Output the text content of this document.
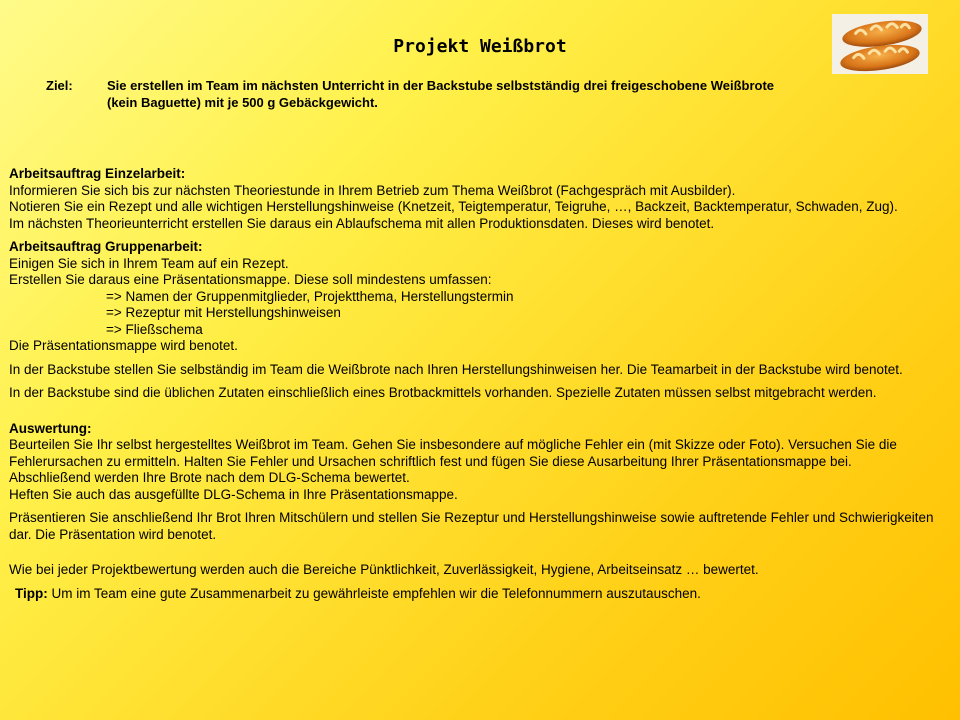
Projekt Weißbrot
Ziel:	Sie erstellen im Team im nächsten Unterricht in der Backstube selbstständig drei freigeschobene Weißbrote
(kein Baguette) mit je 500 g Gebäckgewicht.

Arbeitsauftrag Einzelarbeit:
Informieren Sie sich bis zur nächsten Theoriestunde in Ihrem Betrieb zum Thema Weißbrot (Fachgespräch mit Ausbilder).
Notieren Sie ein Rezept und alle wichtigen Herstellungshinweise (Knetzeit, Teigtemperatur, Teigruhe, …, Backzeit, Backtemperatur, Schwaden, Zug).
Im nächsten Theorieunterricht erstellen Sie daraus ein Ablaufschema mit allen Produktionsdaten. Dieses wird benotet.

Arbeitsauftrag Gruppenarbeit:
Einigen Sie sich in Ihrem Team auf ein Rezept.
Erstellen Sie daraus eine Präsentationsmappe. Diese soll mindestens umfassen:
=> Namen der Gruppenmitglieder, Projektthema, Herstellungstermin
=> Rezeptur mit Herstellungshinweisen
=> Fließschema
Die Präsentationsmappe wird benotet.

In der Backstube stellen Sie selbständig im Team die Weißbrote nach Ihren Herstellungshinweisen her. Die Teamarbeit in der Backstube wird benotet.

In der Backstube sind die üblichen Zutaten einschließlich eines Brotbackmittels vorhanden. Spezielle Zutaten müssen selbst mitgebracht werden.

Auswertung:
Beurteilen Sie Ihr selbst hergestelltes Weißbrot im Team. Gehen Sie insbesondere auf mögliche Fehler ein (mit Skizze oder Foto). Versuchen Sie die Fehlerursachen zu ermitteln. Halten Sie Fehler und Ursachen schriftlich fest und fügen Sie diese Ausarbeitung Ihrer Präsentationsmappe bei.
Abschließend werden Ihre Brote nach dem DLG-Schema bewertet.
Heften Sie auch das ausgefüllte DLG-Schema in Ihre Präsentationsmappe.

Präsentieren Sie anschließend Ihr Brot Ihren Mitschülern und stellen Sie Rezeptur und Herstellungshinweise sowie auftretende Fehler und Schwierigkeiten dar. Die Präsentation wird benotet.

Wie bei jeder Projektbewertung werden auch die Bereiche Pünktlichkeit, Zuverlässigkeit, Hygiene, Arbeitseinsatz … bewertet.

Tipp: Um im Team eine gute Zusammenarbeit zu gewährleiste empfehlen wir die Telefonnummern auszutauschen.
